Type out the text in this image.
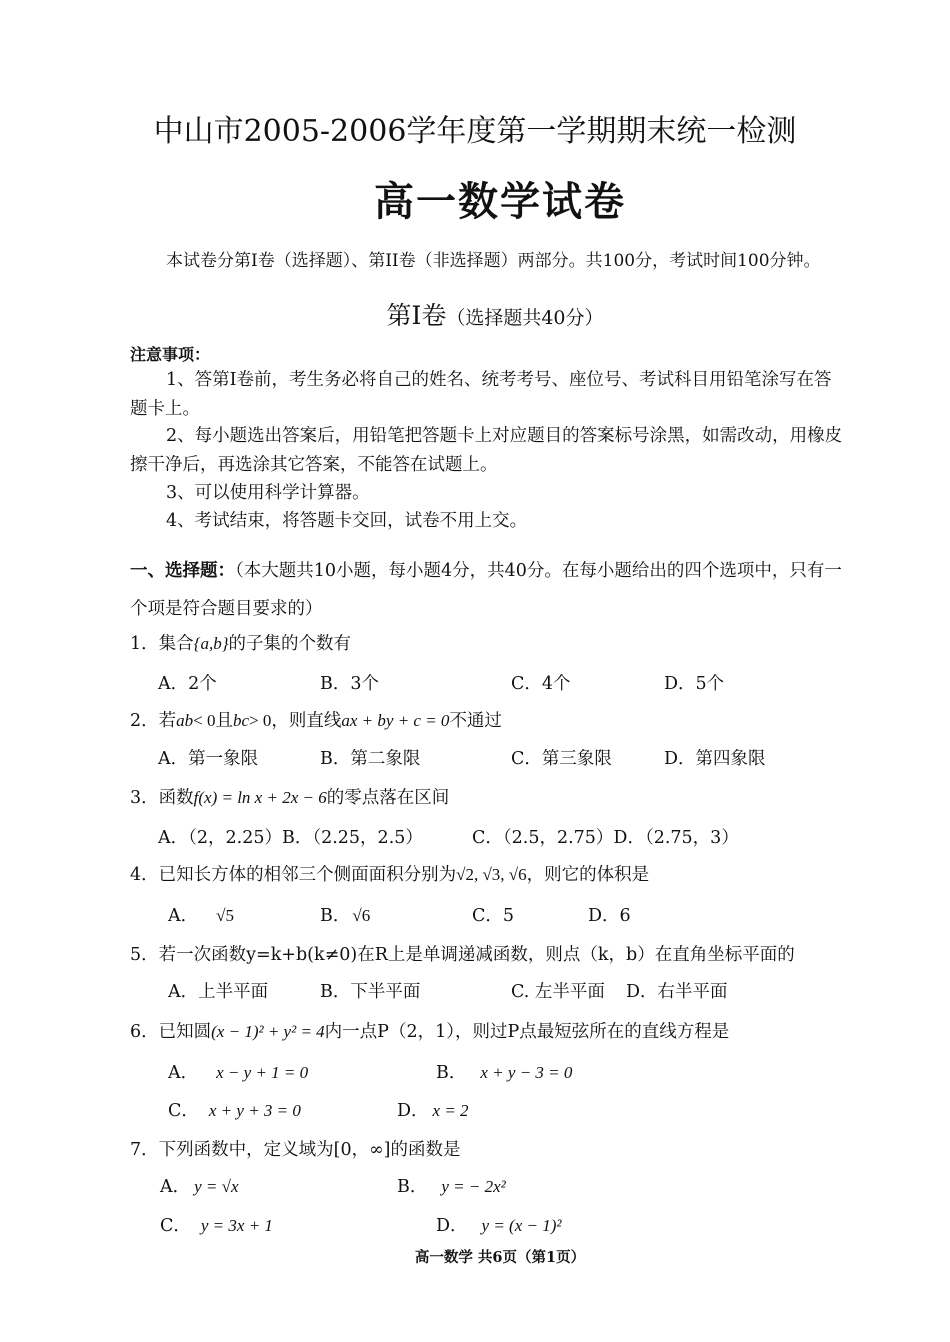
中山市2005-2006学年度第一学期期末统一检测
高一数学试卷
本试卷分第I卷（选择题）、第II卷（非选择题）两部分。共100分，考试时间100分钟。
第I卷（选择题共40分）
注意事项：
1、答第I卷前，考生务必将自己的姓名、统考考号、座位号、考试科目用铅笔涂写在答
题卡上。
2、每小题选出答案后，用铅笔把答题卡上对应题目的答案标号涂黑，如需改动，用橡皮
擦干净后，再选涂其它答案，不能答在试题上。
3、可以使用科学计算器。
4、考试结束，将答题卡交回，试卷不用上交。
一、选择题：（本大题共10小题，每小题4分，共40分。在每小题给出的四个选项中，只有一
个项是符合题目要求的）
1．集合{a,b}的子集的个数有
A．2个	B．3个	C．4个	D．5个
2．若ab< 0且bc> 0，则直线ax + by + c = 0不通过
A．第一象限	B．第二象限	C．第三象限	D．第四象限
3．函数f(x) = ln x + 2x − 6的零点落在区间
A．（2，2.25）B．（2.25，2.5）	C．（2.5，2.75）D．（2.75，3）
4．已知长方体的相邻三个侧面面积分别为√2, √3, √6，则它的体积是
A． √5	B． √6	C．5	D．6
5．若一次函数y=k+b(k≠0)在R上是单调递减函数，则点（k，b）在直角坐标平面的
A．上半平面	B．下半平面	C. 左半平面 D．右半平面
6．已知圆(x − 1)² + y² = 4内一点P（2，1），则过P点最短弦所在的直线方程是
A． x − y + 1 = 0	B． x + y − 3 = 0
C． x + y + 3 = 0	D． x = 2
7．下列函数中，定义域为[0，∞]的函数是
A． y = √x	B． y = − 2x²
C． y = 3x + 1	D． y = (x − 1)²
高一数学 共6页（第1页）
